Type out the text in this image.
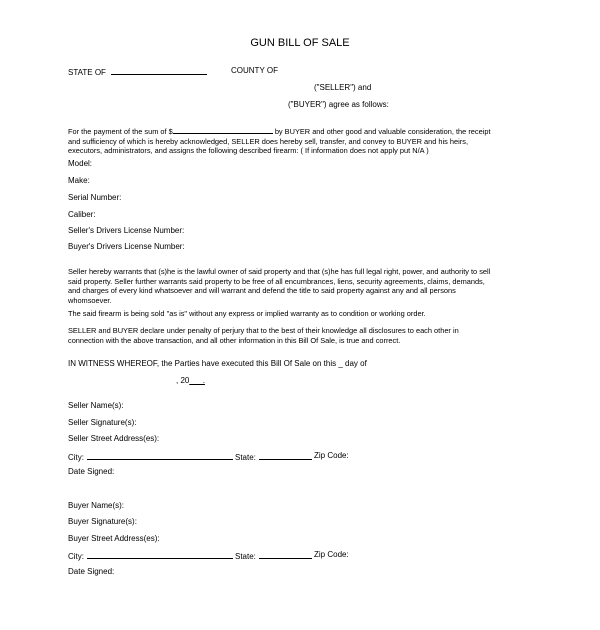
GUN BILL OF SALE
STATE OF	COUNTY OF
("SELLER") and
("BUYER") agree as follows:
For the payment of the sum of $	by BUYER and other good and valuable consideration, the receipt
and sufficiency of which is hereby acknowledged, SELLER does hereby sell, transfer, and convey to BUYER and his heirs,
executors, administrators, and assigns the following described firearm: ( If information does not apply put N/A )
Model:
Make:
Serial Number:
Caliber:
Seller's Drivers License Number:
Buyer's Drivers License Number:
Seller hereby warrants that (s)he is the lawful owner of said property and that (s)he has full legal right, power, and authority to sell
said property. Seller further warrants said property to be free of all encumbrances, liens, security agreements, claims, demands,
and charges of every kind whatsoever and will warrant and defend the title to said property against any and all persons
whomsoever.
The said firearm is being sold "as is" without any express or implied warranty as to condition or working order.
SELLER and BUYER declare under penalty of perjury that to the best of their knowledge all disclosures to each other in
connection with the above transaction, and all other information in this Bill Of Sale, is true and correct.
IN WITNESS WHEREOF, the Parties have executed this Bill Of Sale on this _ day of
, 20___.
Seller Name(s):
Seller Signature(s):
Seller Street Address(es):
City:	State:	Zip Code:
Date Signed:
Buyer Name(s):
Buyer Signature(s):
Buyer Street Address(es):
City:	State:	Zip Code:
Date Signed:
